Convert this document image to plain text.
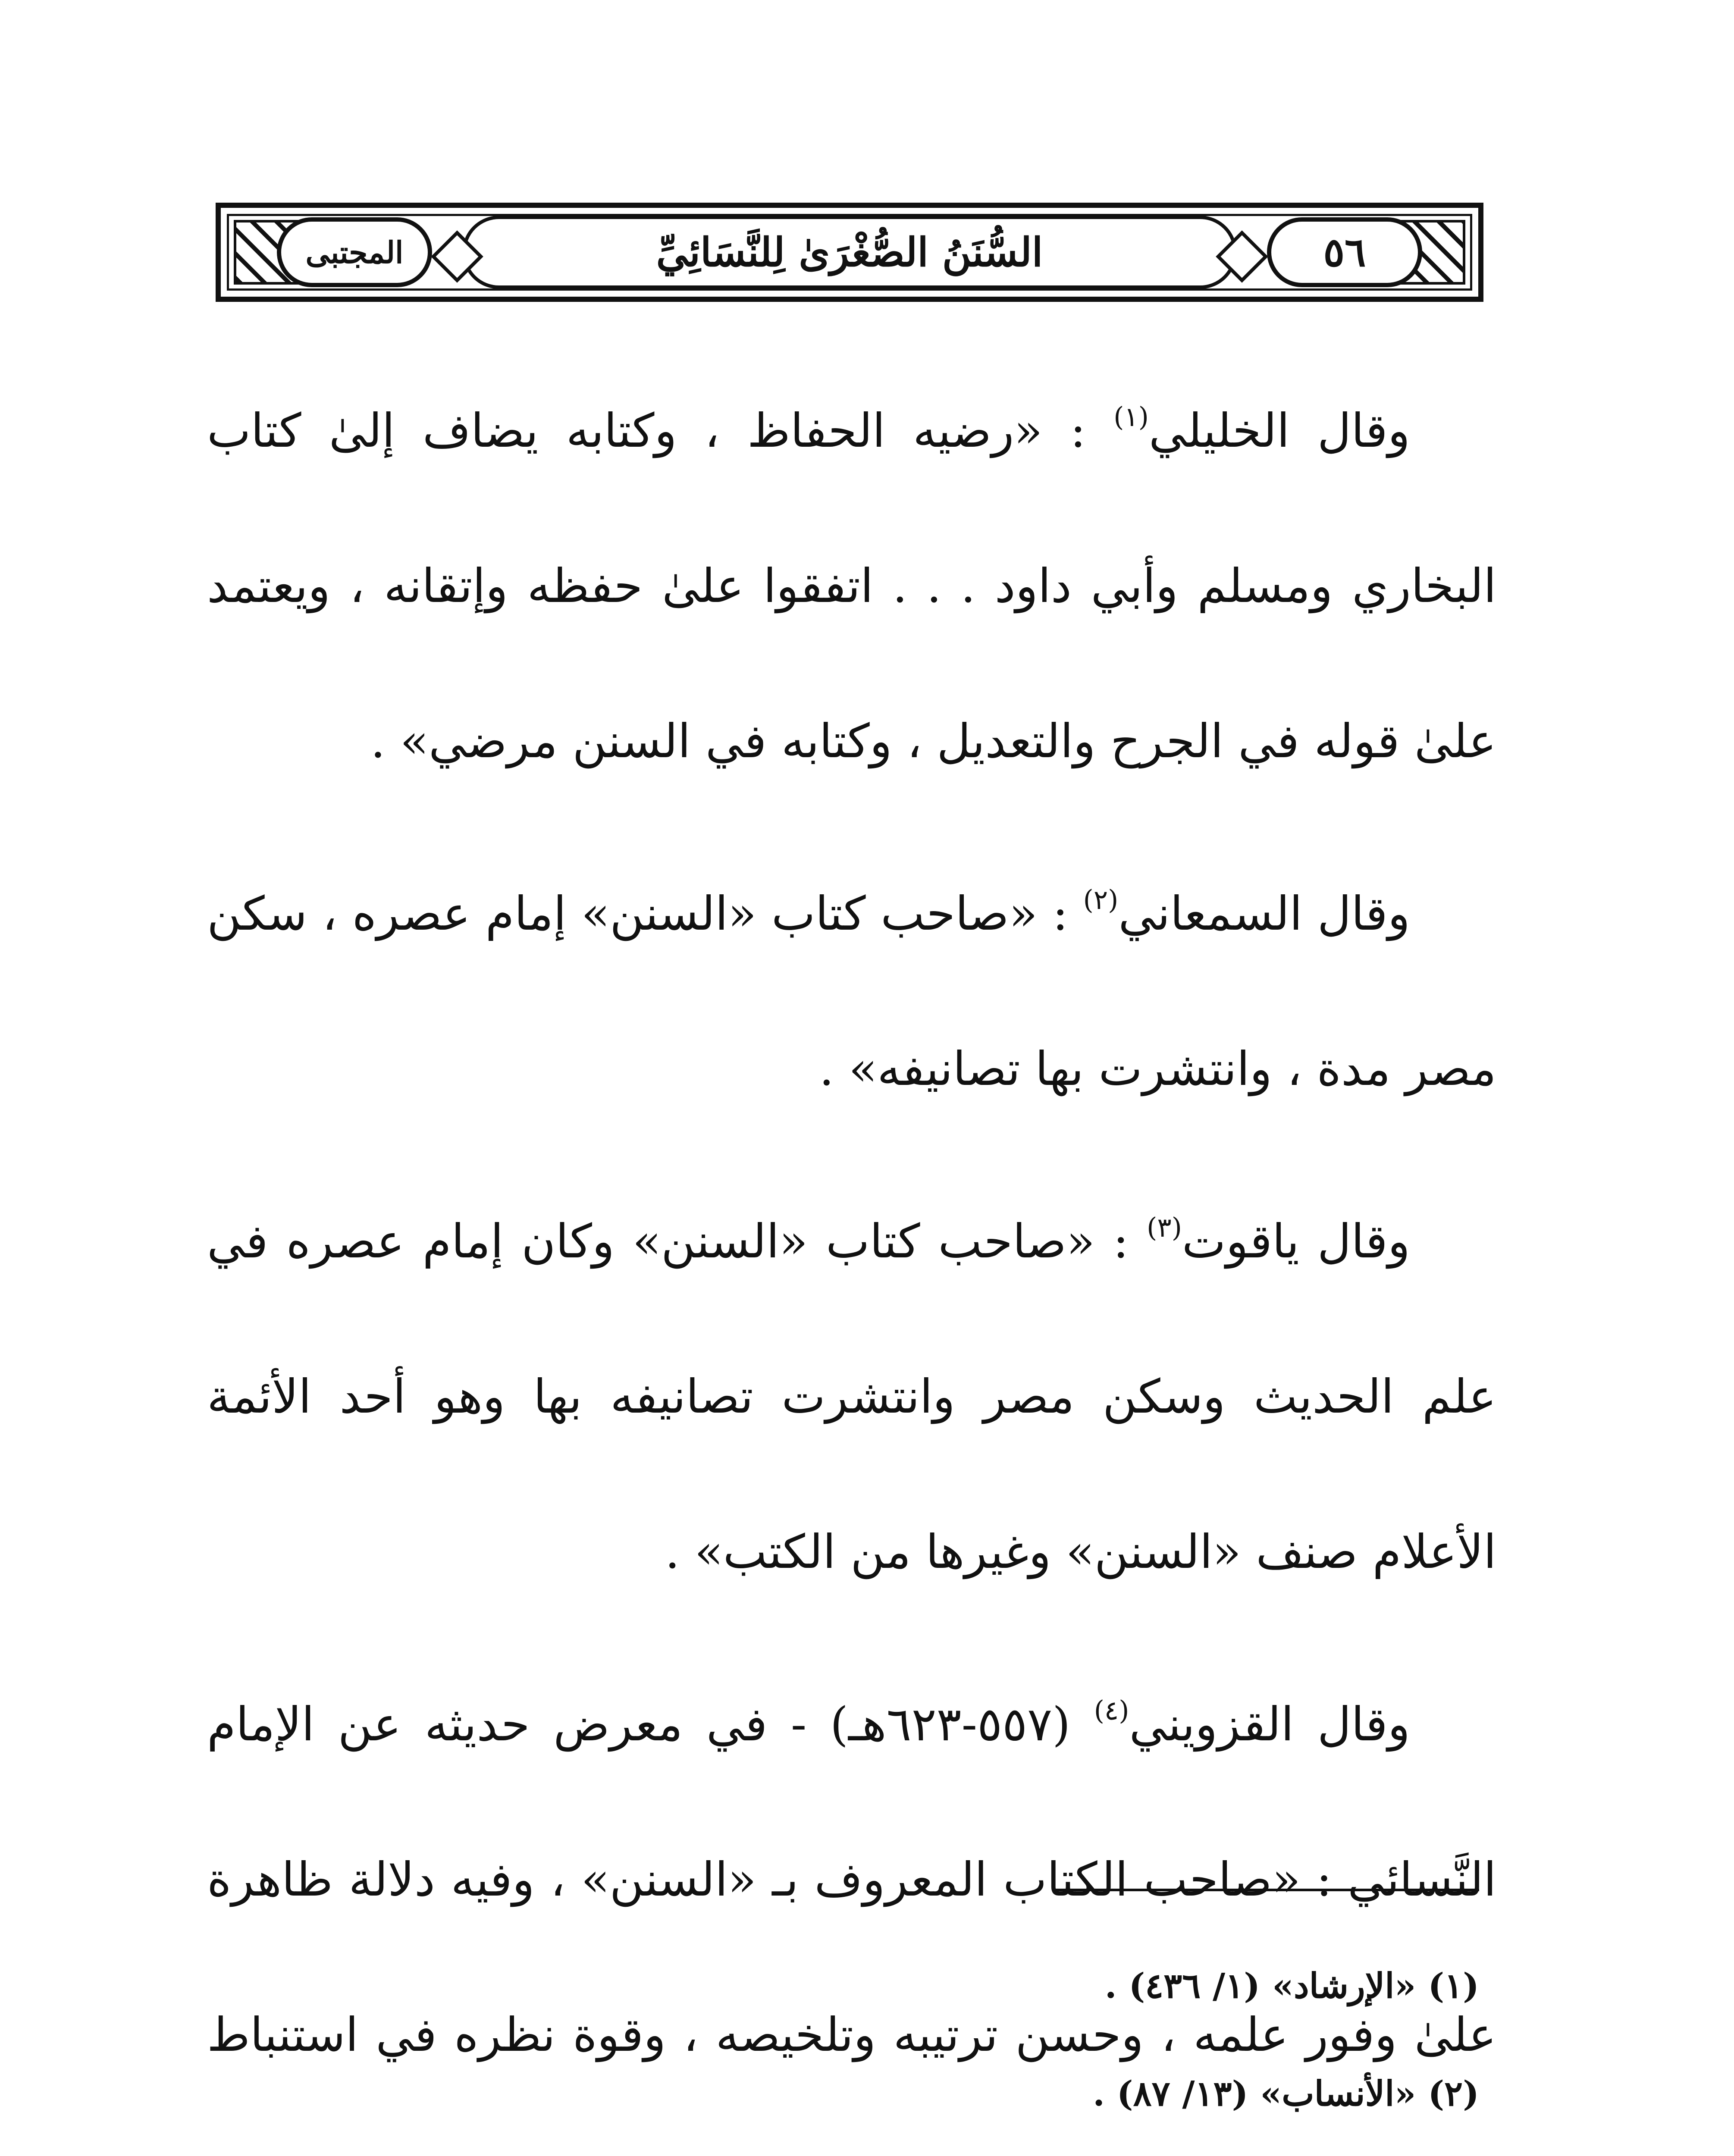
المجتبى	السُّنَنُ الصُّغْرَىٰ لِلنَّسَائِيِّ	٥٦

وقال الخليلي$^{(١)}$ : «رضيه الحفاظ ، وكتابه يضاف إلىٰ كتاب البخاري ومسلم وأبي داود . . . اتفقوا علىٰ حفظه وإتقانه ، ويعتمد علىٰ قوله في الجرح والتعديل ، وكتابه في السنن مرضي» .

وقال السمعاني$^{(٢)}$ : «صاحب كتاب «السنن» إمام عصره ، سكن مصر مدة ، وانتشرت بها تصانيفه» .

وقال ياقوت$^{(٣)}$ : «صاحب كتاب «السنن» وكان إمام عصره في علم الحديث وسكن مصر وانتشرت تصانيفه بها وهو أحد الأئمة الأعلام صنف «السنن» وغيرها من الكتب» .

وقال القزويني$^{(٤)}$ (٥٥٧-٦٢٣هـ) - في معرض حديثه عن الإمام النَّسائي : «صاحب الكتاب المعروف بـ «السنن» ، وفيه دلالة ظاهرة علىٰ وفور علمه ، وحسن ترتيبه وتلخيصه ، وقوة نظره في استنباط

(١) «الإرشاد» (١/ ٤٣٦) .
(٢) «الأنساب» (١٣/ ٨٧) .
